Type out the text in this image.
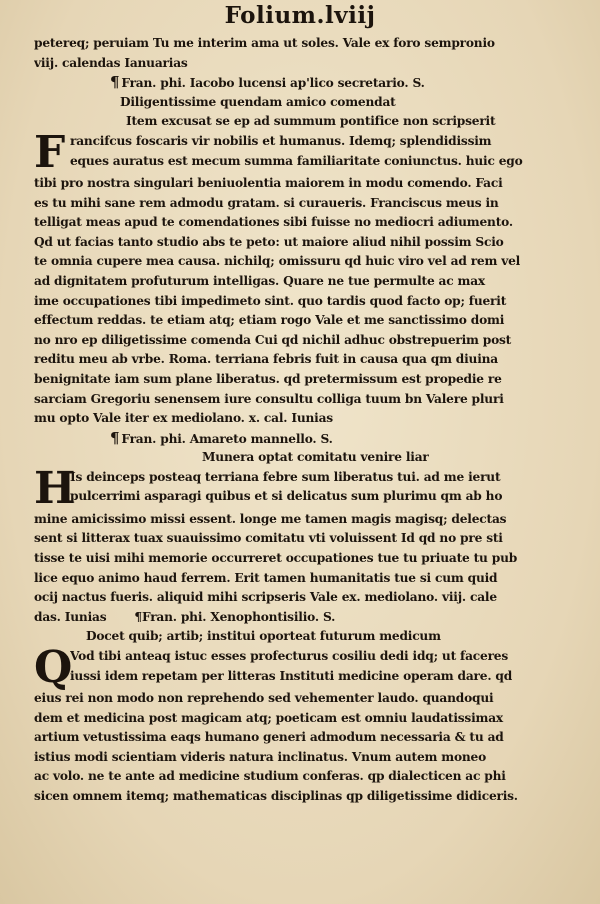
Folium.lviij
petereq; peruiam Tu me interim ama ut soles. Vale ex foro sempronio
viij. calendas Ianuarias
¶ Fran. phi. Iacobo lucensi ap'lico secretario. S.
Diligentissime quendam amico comendat
Item excusat se ep ad summum pontifice non scripserit
F rancifcus foscaris vir nobilis et humanus. Idemq; splendidissim
eques auratus est mecum summa familiaritate coniunctus. huic ego
tibi pro nostra singulari beniuolentia maiorem in modu comendo. Faci
es tu mihi sane rem admodu gratam. si curaueris. Franciscus meus in
telligat meas apud te comendationes sibi fuisse no mediocri adiumento.
Qd ut facias tanto studio abs te peto: ut maiore aliud nihil possim Scio
te omnia cupere mea causa. nichilq; omissuru qd huic viro vel ad rem vel
ad dignitatem profuturum intelligas. Quare ne tue permulte ac max
ime occupationes tibi impedimeto sint. quo tardis quod facto op; fuerit
effectum reddas. te etiam atq; etiam rogo Vale et me sanctissimo domi
no nro ep diligetissime comenda Cui qd nichil adhuc obstrepuerim post
reditu meu ab vrbe. Roma. terriana febris fuit in causa qua qm diuina
benignitate iam sum plane liberatus. qd pretermissum est propedie re
sarciam Gregoriu senensem iure consultu colliga tuum bn Valere pluri
mu opto Vale iter ex mediolano. x. cal. Iunias
¶ Fran. phi. Amareto mannello. S.
Munera optat comitatu venire liar
H
Is deinceps posteaq terriana febre sum liberatus tui. ad me ierut
pulcerrimi asparagi quibus et si delicatus sum plurimu qm ab ho
mine amicissimo missi essent. longe me tamen magis magisq; delectas
sent si litterax tuax suauissimo comitatu vti voluissent Id qd no pre sti
tisse te uisi mihi memorie occurreret occupationes tue tu priuate tu pub
lice equo animo haud ferrem. Erit tamen humanitatis tue si cum quid
ocij nactus fueris. aliquid mihi scripseris Vale ex. mediolano. viij. cale
das. Iunias ¶Fran. phi. Xenophontisilio. S.
Docet quib; artib; institui oporteat futurum medicum
Q
Vod tibi anteaq istuc esses profecturus cosiliu dedi idq; ut faceres
iussi idem repetam per litteras Instituti medicine operam dare. qd
eius rei non modo non reprehendo sed vehementer laudo. quandoqui
dem et medicina post magicam atq; poeticam est omniu laudatissimax
artium vetustissima eaqs humano generi admodum necessaria & tu ad
istius modi scientiam videris natura inclinatus. Vnum autem moneo
ac volo. ne te ante ad medicine studium conferas. qp dialecticen ac phi
sicen omnem itemq; mathematicas disciplinas qp diligetissime didiceris.
